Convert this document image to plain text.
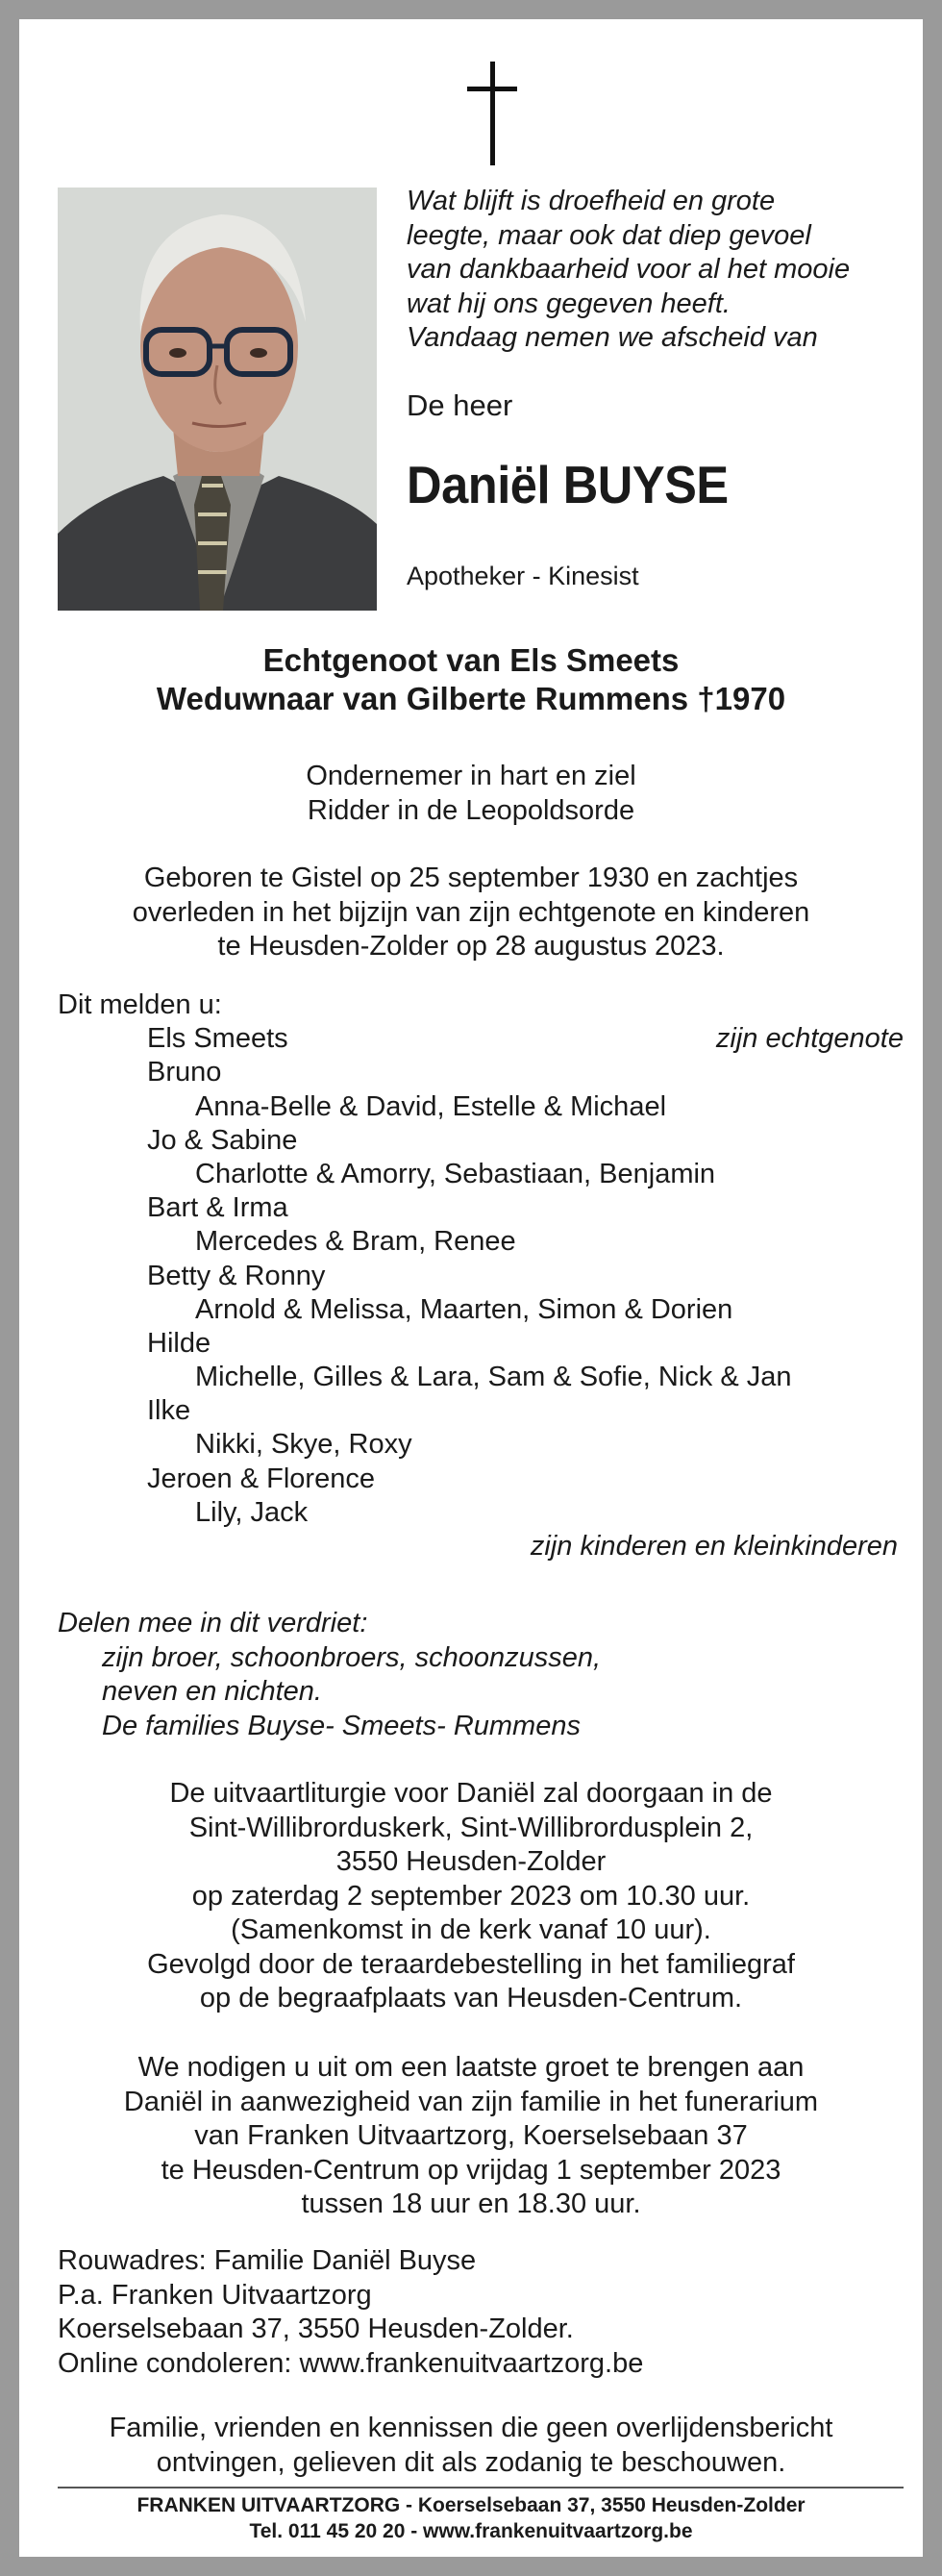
Wat blijft is droefheid en grote
leegte, maar ook dat diep gevoel
van dankbaarheid voor al het mooie
wat hij ons gegeven heeft.
Vandaag nemen we afscheid van
De heer
Daniël BUYSE
Apotheker - Kinesist
Echtgenoot van Els Smeets
Weduwnaar van Gilberte Rummens †1970
Ondernemer in hart en ziel
Ridder in de Leopoldsorde
Geboren te Gistel op 25 september 1930 en zachtjes
overleden in het bijzijn van zijn echtgenote en kinderen
te Heusden-Zolder op 28 augustus 2023.
Dit melden u:
Els Smeets	zijn echtgenote
Bruno
Anna-Belle & David, Estelle & Michael
Jo & Sabine
Charlotte & Amorry, Sebastiaan, Benjamin
Bart & Irma
Mercedes & Bram, Renee
Betty & Ronny
Arnold & Melissa, Maarten, Simon & Dorien
Hilde
Michelle, Gilles & Lara, Sam & Sofie, Nick & Jan
Ilke
Nikki, Skye, Roxy
Jeroen & Florence
Lily, Jack
zijn kinderen en kleinkinderen
Delen mee in dit verdriet:
zijn broer, schoonbroers, schoonzussen,
neven en nichten.
De families Buyse- Smeets- Rummens
De uitvaartliturgie voor Daniël zal doorgaan in de
Sint-Willibrorduskerk, Sint-Willibrordusplein 2,
3550 Heusden-Zolder
op zaterdag 2 september 2023 om 10.30 uur.
(Samenkomst in de kerk vanaf 10 uur).
Gevolgd door de teraardebestelling in het familiegraf
op de begraafplaats van Heusden-Centrum.
We nodigen u uit om een laatste groet te brengen aan
Daniël in aanwezigheid van zijn familie in het funerarium
van Franken Uitvaartzorg, Koerselsebaan 37
te Heusden-Centrum op vrijdag 1 september 2023
tussen 18 uur en 18.30 uur.
Rouwadres: Familie Daniël Buyse
P.a. Franken Uitvaartzorg
Koerselsebaan 37, 3550 Heusden-Zolder.
Online condoleren: www.frankenuitvaartzorg.be
Familie, vrienden en kennissen die geen overlijdensbericht
ontvingen, gelieven dit als zodanig te beschouwen.
FRANKEN UITVAARTZORG - Koerselsebaan 37, 3550 Heusden-Zolder
Tel. 011 45 20 20 - www.frankenuitvaartzorg.be
